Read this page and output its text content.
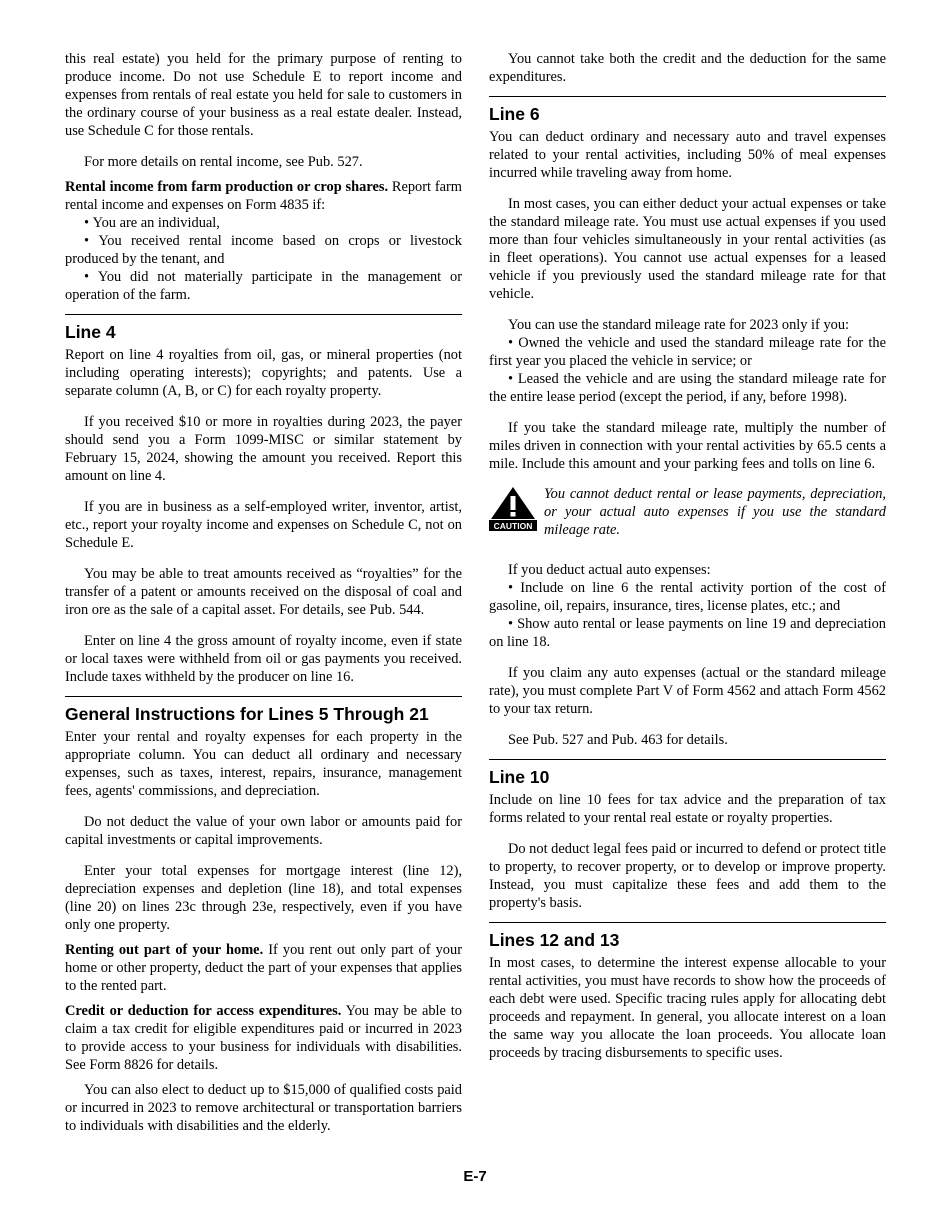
this real estate) you held for the primary purpose of renting to produce income. Do not use Schedule E to report income and expenses from rentals of real estate you held for sale to customers in the ordinary course of your business as a real estate dealer. Instead, use Schedule C for those rentals.

For more details on rental income, see Pub. 527.

Rental income from farm production or crop shares. Report farm rental income and expenses on Form 4835 if:

• You are an individual,

• You received rental income based on crops or livestock produced by the tenant, and

• You did not materially participate in the management or operation of the farm.

Line 4

Report on line 4 royalties from oil, gas, or mineral properties (not including operating interests); copyrights; and patents. Use a separate column (A, B, or C) for each royalty property.

If you received $10 or more in royalties during 2023, the payer should send you a Form 1099-MISC or similar statement by February 15, 2024, showing the amount you received. Report this amount on line 4.

If you are in business as a self-employed writer, inventor, artist, etc., report your royalty income and expenses on Schedule C, not on Schedule E.

You may be able to treat amounts received as “royalties” for the transfer of a patent or amounts received on the disposal of coal and iron ore as the sale of a capital asset. For details, see Pub. 544.

Enter on line 4 the gross amount of royalty income, even if state or local taxes were withheld from oil or gas payments you received. Include taxes withheld by the producer on line 16.

General Instructions for Lines 5 Through 21

Enter your rental and royalty expenses for each property in the appropriate column. You can deduct all ordinary and necessary expenses, such as taxes, interest, repairs, insurance, management fees, agents' commissions, and depreciation.

Do not deduct the value of your own labor or amounts paid for capital investments or capital improvements.

Enter your total expenses for mortgage interest (line 12), depreciation expenses and depletion (line 18), and total expenses (line 20) on lines 23c through 23e, respectively, even if you have only one property.

Renting out part of your home. If you rent out only part of your home or other property, deduct the part of your expenses that applies to the rented part.

Credit or deduction for access expenditures. You may be able to claim a tax credit for eligible expenditures paid or incurred in 2023 to provide access to your business for individuals with disabilities. See Form 8826 for details.

You can also elect to deduct up to $15,000 of qualified costs paid or incurred in 2023 to remove architectural or transportation barriers to individuals with disabilities and the elderly.

You cannot take both the credit and the deduction for the same expenditures.

Line 6

You can deduct ordinary and necessary auto and travel expenses related to your rental activities, including 50% of meal expenses incurred while traveling away from home.

In most cases, you can either deduct your actual expenses or take the standard mileage rate. You must use actual expenses if you used more than four vehicles simultaneously in your rental activities (as in fleet operations). You cannot use actual expenses for a leased vehicle if you previously used the standard mileage rate for that vehicle.

You can use the standard mileage rate for 2023 only if you:

• Owned the vehicle and used the standard mileage rate for the first year you placed the vehicle in service; or

• Leased the vehicle and are using the standard mileage rate for the entire lease period (except the period, if any, before 1998).

If you take the standard mileage rate, multiply the number of miles driven in connection with your rental activities by 65.5 cents a mile. Include this amount and your parking fees and tolls on line 6.

CAUTION
You cannot deduct rental or lease payments, depreciation, or your actual auto expenses if you use the standard mileage rate.

If you deduct actual auto expenses:

• Include on line 6 the rental activity portion of the cost of gasoline, oil, repairs, insurance, tires, license plates, etc.; and

• Show auto rental or lease payments on line 19 and depreciation on line 18.

If you claim any auto expenses (actual or the standard mileage rate), you must complete Part V of Form 4562 and attach Form 4562 to your tax return.

See Pub. 527 and Pub. 463 for details.

Line 10

Include on line 10 fees for tax advice and the preparation of tax forms related to your rental real estate or royalty properties.

Do not deduct legal fees paid or incurred to defend or protect title to property, to recover property, or to develop or improve property. Instead, you must capitalize these fees and add them to the property's basis.

Lines 12 and 13

In most cases, to determine the interest expense allocable to your rental activities, you must have records to show how the proceeds of each debt were used. Specific tracing rules apply for allocating debt proceeds and repayment. In general, you allocate interest on a loan the same way you allocate the loan proceeds. You allocate loan proceeds by tracing disbursements to specific uses.

E-7
